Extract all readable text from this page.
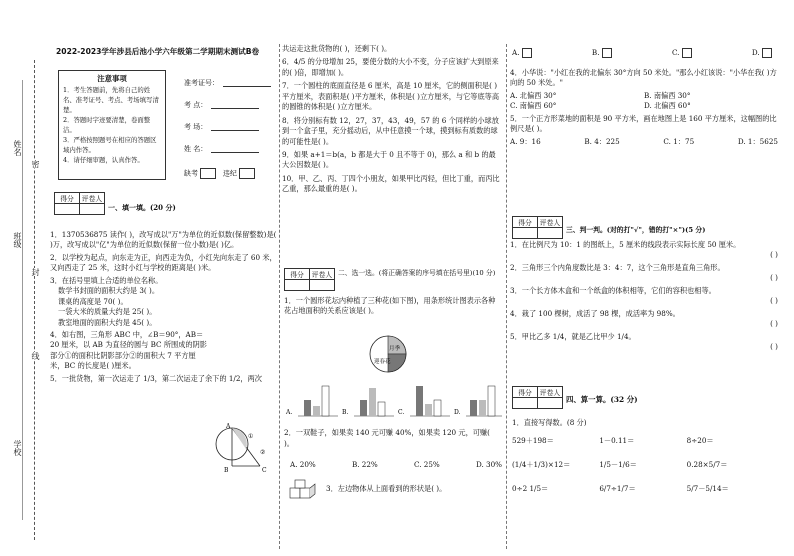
姓名
班级
学校
密
封
线
2022-2023学年涉县后池小学六年级第二学期期末测试B卷
注意事项

1．考生答题前，先将自己的姓名、准考证号、考点、考场填写清楚。

2．答题时字迹要清楚，卷面整洁。

3．严格按照题号在相应的答题区域内作答。

4．请仔细审题，认真作答。

准考证号：
考 点：
考 场：
姓 名：
缺考	违纪
得分	评卷人
一、填一填。(20 分)

1．1370536875 读作( )，改写成以"万"为单位的近似数(保留整数)是( )万，改写成以"亿"为单位的近似数(保留一位小数)是( )亿。

2．以学校为起点，向东走为正，向西走为负，小红先向东走了 60 米，又向西走了 25 米，这时小红与学校的距离是( )米。

3．在括号里填上合适的单位名称。

数学书封面的面积大约是 3( )。

课桌的高度是 70( )。

一袋大米的质量大约是 25( )。

教室地面的面积大约是 45( )。

4．如右图，三角形 ABC 中，∠B＝90°，AB＝20 厘米，以 AB 为直径的圆与 BC 所围成的阴影部分①的面积比阴影部分②的面积大 7 平方厘米，BC 的长度是( )厘米。

5．一批货物，第一次运走了 1/3，第二次运走了余下的 1/2，两次

A
B	C
①
②

共运走这批货物的( )，还剩下( )。

6．4/5 的分母增加 25，要使分数的大小不变，分子应该扩大到原来的( )倍，即增加( )。

7．一个圆柱的底面直径是 6 厘米，高是 10 厘米，它的侧面积是( )平方厘米，表面积是( )平方厘米，体积是( )立方厘米，与它等底等高的圆锥的体积是( )立方厘米。

8．将分别标有数 12，27，37，43，49，57 的 6 个同样的小球放到一个盒子里，充分摇动后，从中任意摸一个球，摸到标有质数的球的可能性是( )。

9．如果 a+1＝b(a，b 都是大于 0 且不等于 0)，那么 a 和 b 的最大公因数是( )。

10．甲、乙、丙、丁四个小朋友，如果甲比丙轻，但比丁重，而丙比乙重，那么最重的是( )。

得分	评卷人 二、选一选。(将正确答案的序号填在括号里)(10 分)
1．一个圆形花坛内种植了三种花(如下图)，用条形统计图表示各种花占地面积的关系应该是( )。
月季
迎春花
A.	B.	C.	D.
2．一双鞋子，如果卖 140 元可赚 40%，如果卖 120 元，可赚( )。
A. 20%	B. 22%	C. 25%	D. 30%
3．左边物体从上面看到的形状是( )。
A.	B.	C.	D.

4．小华说："小红在我的北偏东 30°方向 50 米处。"那么小红该说："小华在我( )方向的 50 米处。"

A. 北偏西 30°	B. 南偏西 30°
C. 南偏西 60°	D. 北偏西 60°

5．一个正方形菜地的面积是 90 平方米，画在地图上是 160 平方厘米，这幅图的比例尺是( )。

A. 9：16	B. 4：225	C. 1：75	D. 1：5625
得分	评卷人
三、判一判。(对的打"√"，错的打"×")(5 分)

1．在比例尺为 10：1 的图纸上，5 厘米的线段表示实际长度 50 厘米。

( )

2．三角形三个内角度数比是 3：4：7，这个三角形是直角三角形。

( )

3．一个长方体木盒和一个纸盒的体积相等，它们的容积也相等。

( )

4．栽了 100 棵树，成活了 98 棵，成活率为 98%。

( )

5．甲比乙多 1/4，就是乙比甲少 1/4。

( )

得分	评卷人
四、算一算。(32 分)
1．直接写得数。(8 分)
529＋198＝	1－0.11＝	8÷20＝
(1/4＋1/3)×12＝	1/5－1/6＝	0.28×5/7＝
0÷2 1/5＝	6/7÷1/7＝	5/7－5/14＝
